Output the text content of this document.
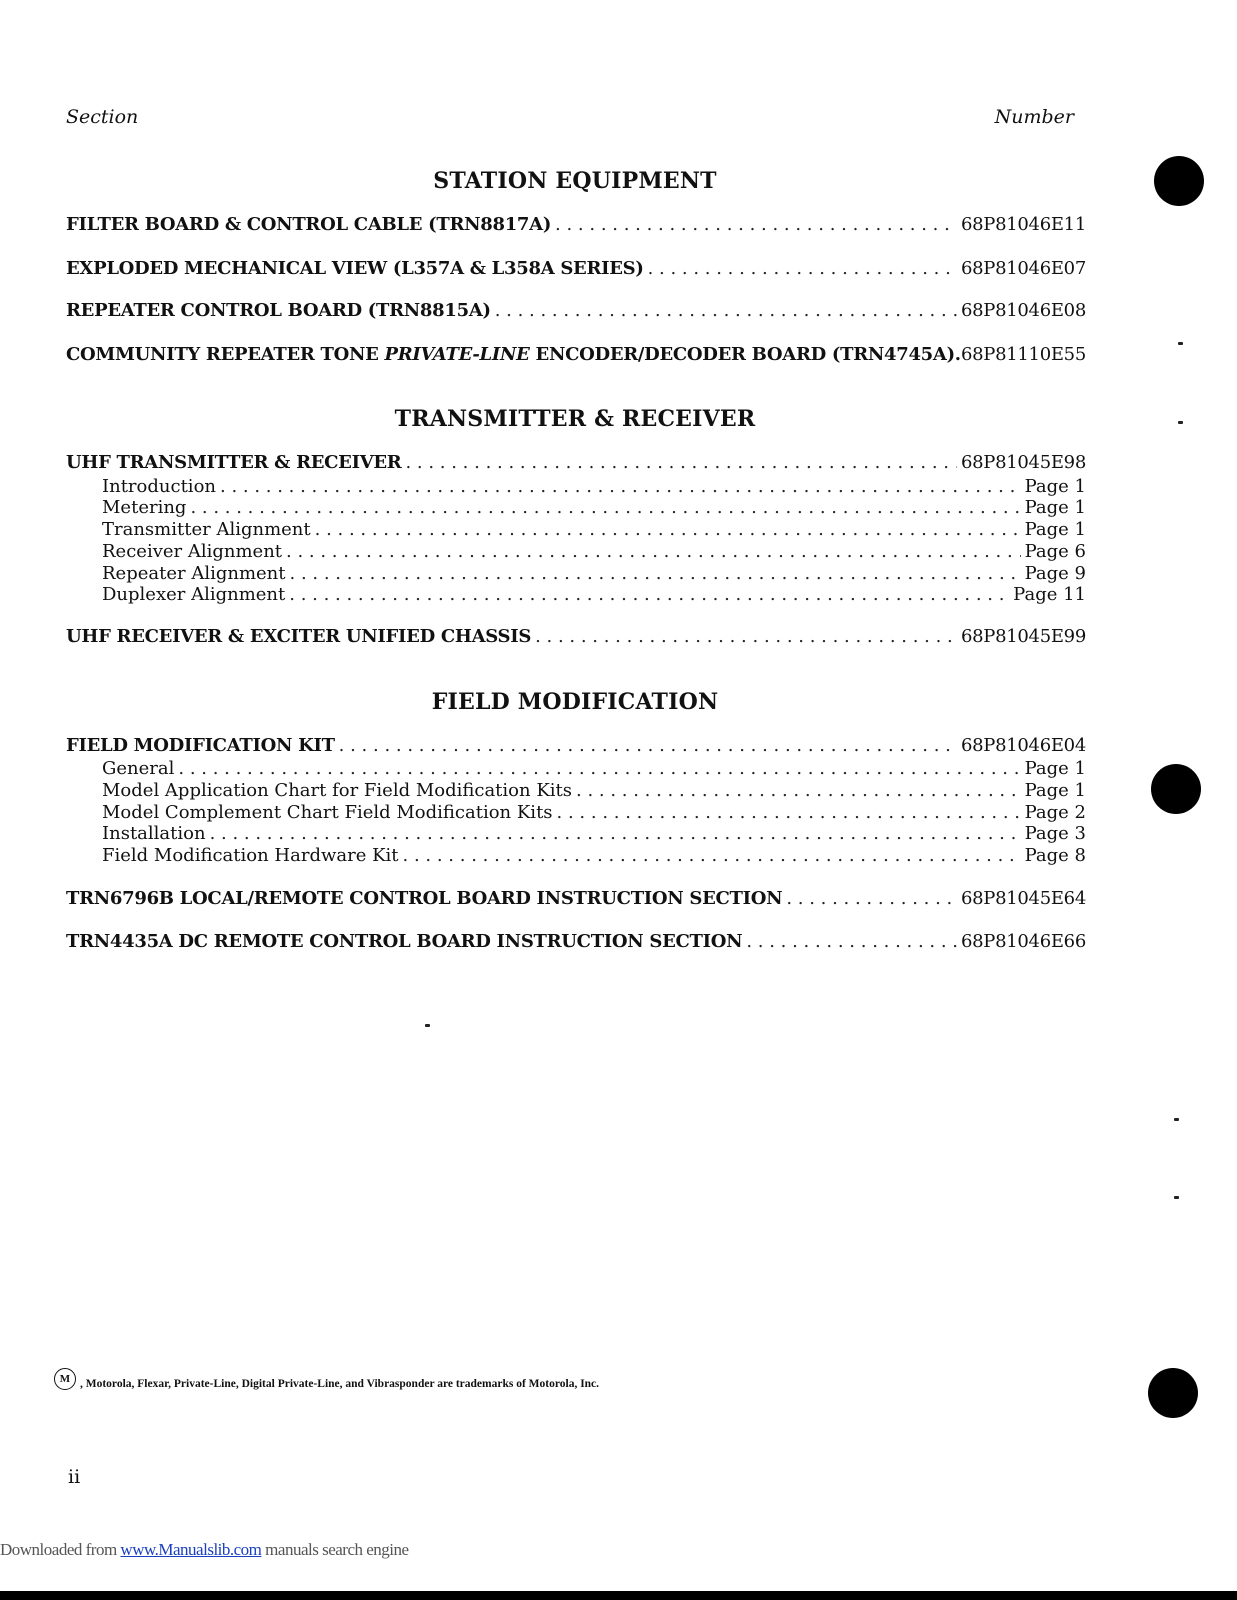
Section	Number
STATION EQUIPMENT
FILTER BOARD & CONTROL CABLE (TRN8817A) . . .	68P81046E11
EXPLODED MECHANICAL VIEW (L357A & L358A SERIES) . . .	68P81046E07
REPEATER CONTROL BOARD (TRN8815A) . . .	68P81046E08
COMMUNITY REPEATER TONE PRIVATE-LINE ENCODER/DECODER BOARD (TRN4745A). 68P81110E55
TRANSMITTER & RECEIVER
UHF TRANSMITTER & RECEIVER . . .	68P81045E98
Introduction . . .	Page 1
Metering . . .	Page 1
Transmitter Alignment . . .	Page 1
Receiver Alignment . . .	Page 6
Repeater Alignment . . .	Page 9
Duplexer Alignment . . .	Page 11
UHF RECEIVER & EXCITER UNIFIED CHASSIS . . .	68P81045E99
FIELD MODIFICATION
FIELD MODIFICATION KIT . . .	68P81046E04
General . . .	Page 1
Model Application Chart for Field Modification Kits . . .	Page 1
Model Complement Chart Field Modification Kits . . .	Page 2
Installation . . .	Page 3
Field Modification Hardware Kit . . .	Page 8
TRN6796B LOCAL/REMOTE CONTROL BOARD INSTRUCTION SECTION . . .	68P81045E64
TRN4435A DC REMOTE CONTROL BOARD INSTRUCTION SECTION . . .	68P81046E66
M , Motorola, Flexar, Private-Line, Digital Private-Line, and Vibrasponder are trademarks of Motorola, Inc.
ii
Downloaded from www.Manualslib.com manuals search engine
